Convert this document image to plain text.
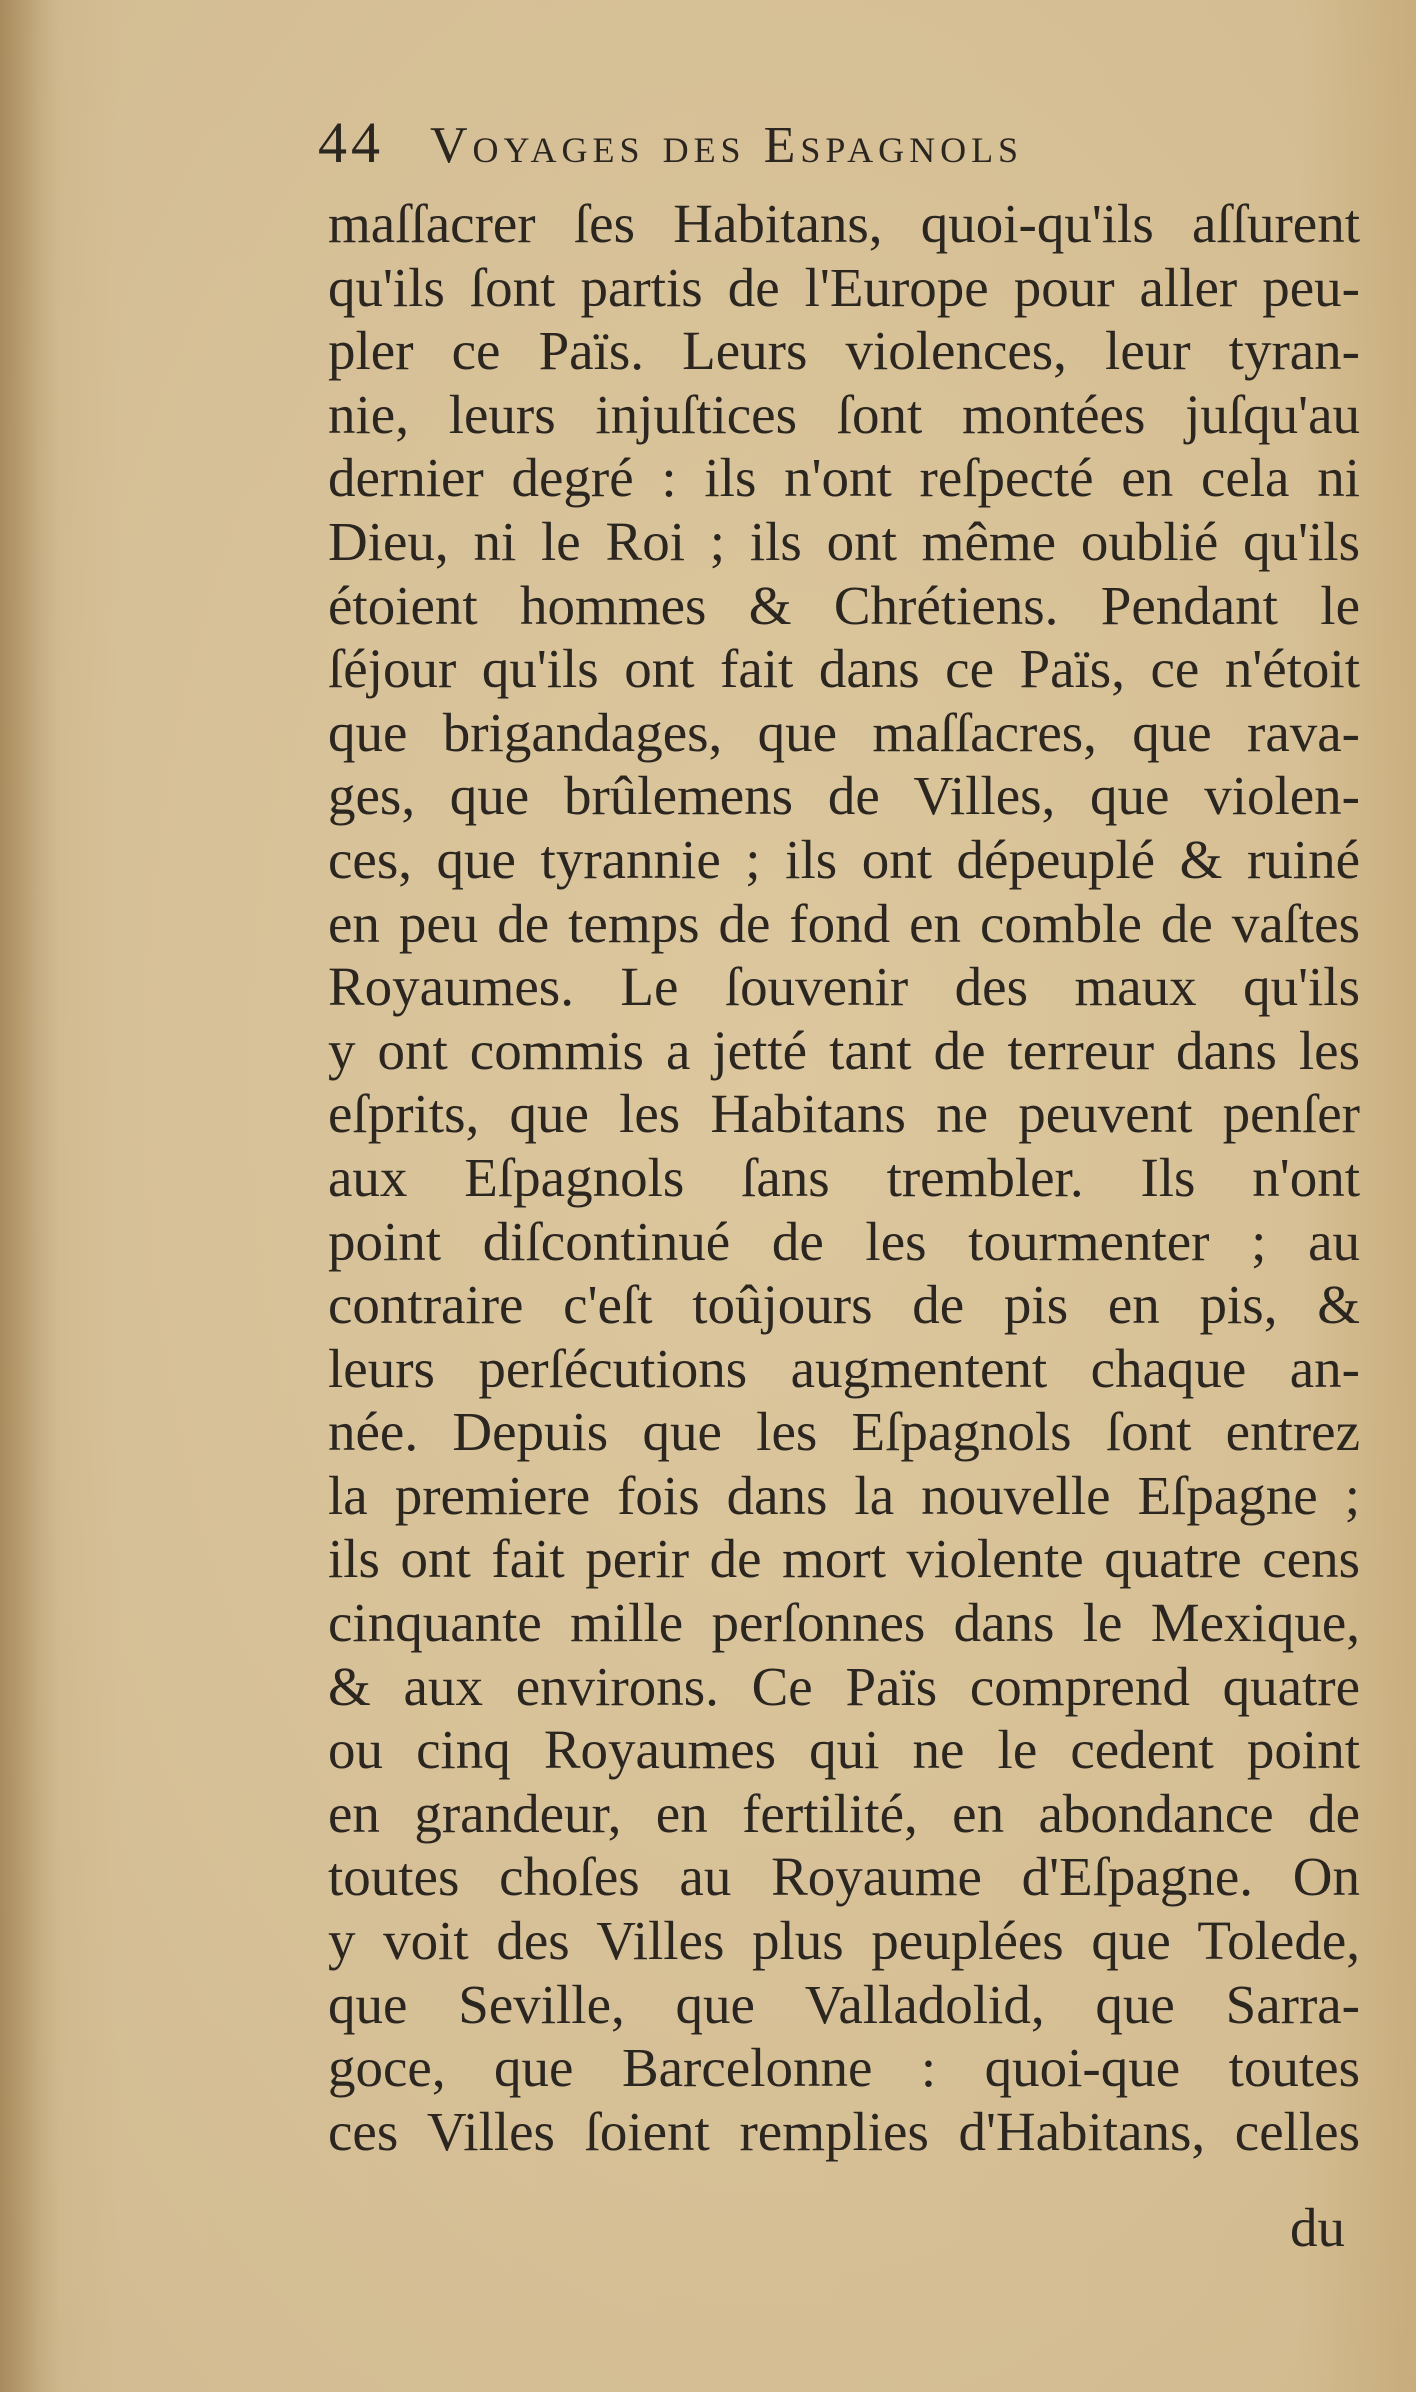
44 Voyages des Espagnols
maſſacrer ſes Habitans, quoi-qu'ils aſſurent
qu'ils ſont partis de l'Europe pour aller peu-
pler ce Païs. Leurs violences, leur tyran-
nie, leurs injuſtices ſont montées juſqu'au
dernier degré : ils n'ont reſpecté en cela ni
Dieu, ni le Roi ; ils ont même oublié qu'ils
étoient hommes & Chrétiens. Pendant le
ſéjour qu'ils ont fait dans ce Païs, ce n'étoit
que brigandages, que maſſacres, que rava-
ges, que brûlemens de Villes, que violen-
ces, que tyrannie ; ils ont dépeuplé & ruiné
en peu de temps de fond en comble de vaſtes
Royaumes. Le ſouvenir des maux qu'ils
y ont commis a jetté tant de terreur dans les
eſprits, que les Habitans ne peuvent penſer
aux Eſpagnols ſans trembler. Ils n'ont
point diſcontinué de les tourmenter ; au
contraire c'eſt toûjours de pis en pis, &
leurs perſécutions augmentent chaque an-
née. Depuis que les Eſpagnols ſont entrez
la premiere fois dans la nouvelle Eſpagne ;
ils ont fait perir de mort violente quatre cens
cinquante mille perſonnes dans le Mexique,
& aux environs. Ce Païs comprend quatre
ou cinq Royaumes qui ne le cedent point
en grandeur, en fertilité, en abondance de
toutes choſes au Royaume d'Eſpagne. On
y voit des Villes plus peuplées que Tolede,
que Seville, que Valladolid, que Sarra-
goce, que Barcelonne : quoi-que toutes
ces Villes ſoient remplies d'Habitans, celles
du
